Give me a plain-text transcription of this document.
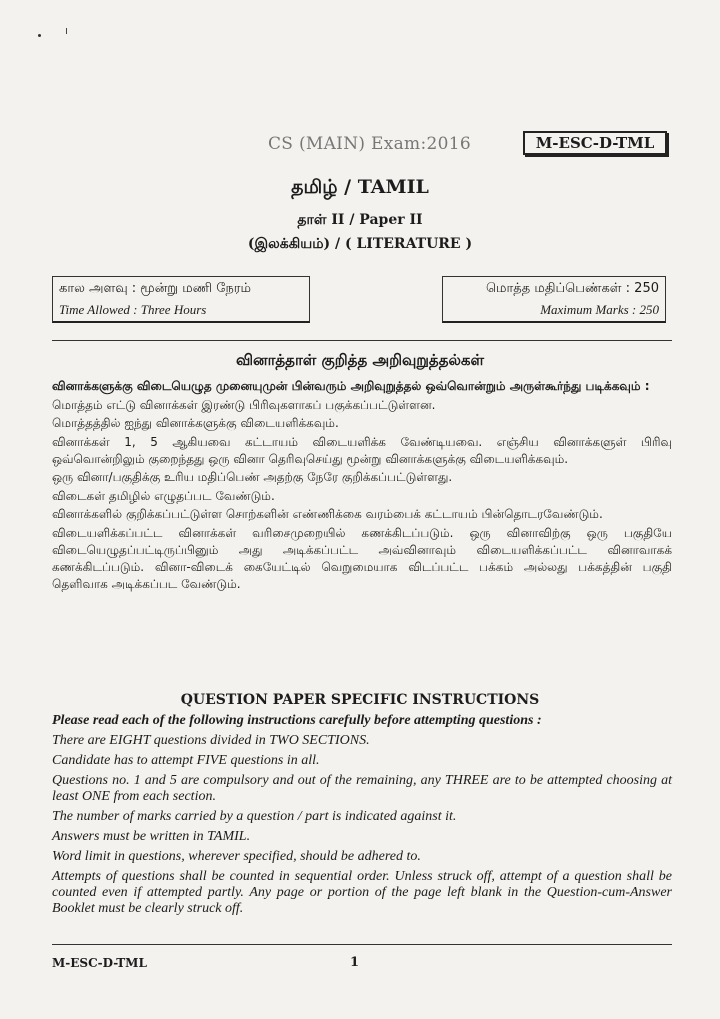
CS (MAIN) Exam:2016	M-ESC-D-TML
தமிழ் / TAMIL
தாள் II / Paper II
(இலக்கியம்) / ( LITERATURE )
கால அளவு : மூன்று மணி நேரம்
Time Allowed : Three Hours
மொத்த மதிப்பெண்கள் : 250
Maximum Marks : 250
வினாத்தாள் குறித்த அறிவுறுத்தல்கள்

வினாக்களுக்கு விடையெழுத முனையுமுன் பின்வரும் அறிவுறுத்தல் ஒவ்வொன்றும் அருள்கூர்ந்து படிக்கவும் :

மொத்தம் எட்டு வினாக்கள் இரண்டு பிரிவுகளாகப் பகுக்கப்பட்டுள்ளன.

மொத்தத்தில் ஐந்து வினாக்களுக்கு விடையளிக்கவும்.

வினாக்கள் 1, 5 ஆகியவை கட்டாயம் விடையளிக்க வேண்டியவை. எஞ்சிய வினாக்களுள் பிரிவு ஒவ்வொன்றிலும் குறைந்தது ஒரு வினா தெரிவுசெய்து மூன்று வினாக்களுக்கு விடையளிக்கவும்.

ஒரு வினா/பகுதிக்கு உரிய மதிப்பெண் அதற்கு நேரே குறிக்கப்பட்டுள்ளது.

விடைகள் தமிழில் எழுதப்பட வேண்டும்.

வினாக்களில் குறிக்கப்பட்டுள்ள சொற்களின் எண்ணிக்கை வரம்பைக் கட்டாயம் பின்தொடரவேண்டும்.

விடையளிக்கப்பட்ட வினாக்கள் வரிசைமுறையில் கணக்கிடப்படும். ஒரு வினாவிற்கு ஒரு பகுதியே விடையெழுதப்பட்டிருப்பினும் அது அடிக்கப்பட்ட அவ்வினாவும் விடையளிக்கப்பட்ட வினாவாகக் கணக்கிடப்படும். வினா-விடைக் கையேட்டில் வெறுமையாக விடப்பட்ட பக்கம் அல்லது பக்கத்தின் பகுதி தெளிவாக அடிக்கப்பட வேண்டும்.

QUESTION PAPER SPECIFIC INSTRUCTIONS

Please read each of the following instructions carefully before attempting questions :

There are EIGHT questions divided in TWO SECTIONS.

Candidate has to attempt FIVE questions in all.

Questions no. 1 and 5 are compulsory and out of the remaining, any THREE are to be attempted choosing at least ONE from each section.

The number of marks carried by a question / part is indicated against it.

Answers must be written in TAMIL.

Word limit in questions, wherever specified, should be adhered to.

Attempts of questions shall be counted in sequential order. Unless struck off, attempt of a question shall be counted even if attempted partly. Any page or portion of the page left blank in the Question-cum-Answer Booklet must be clearly struck off.

M-ESC-D-TML	1
